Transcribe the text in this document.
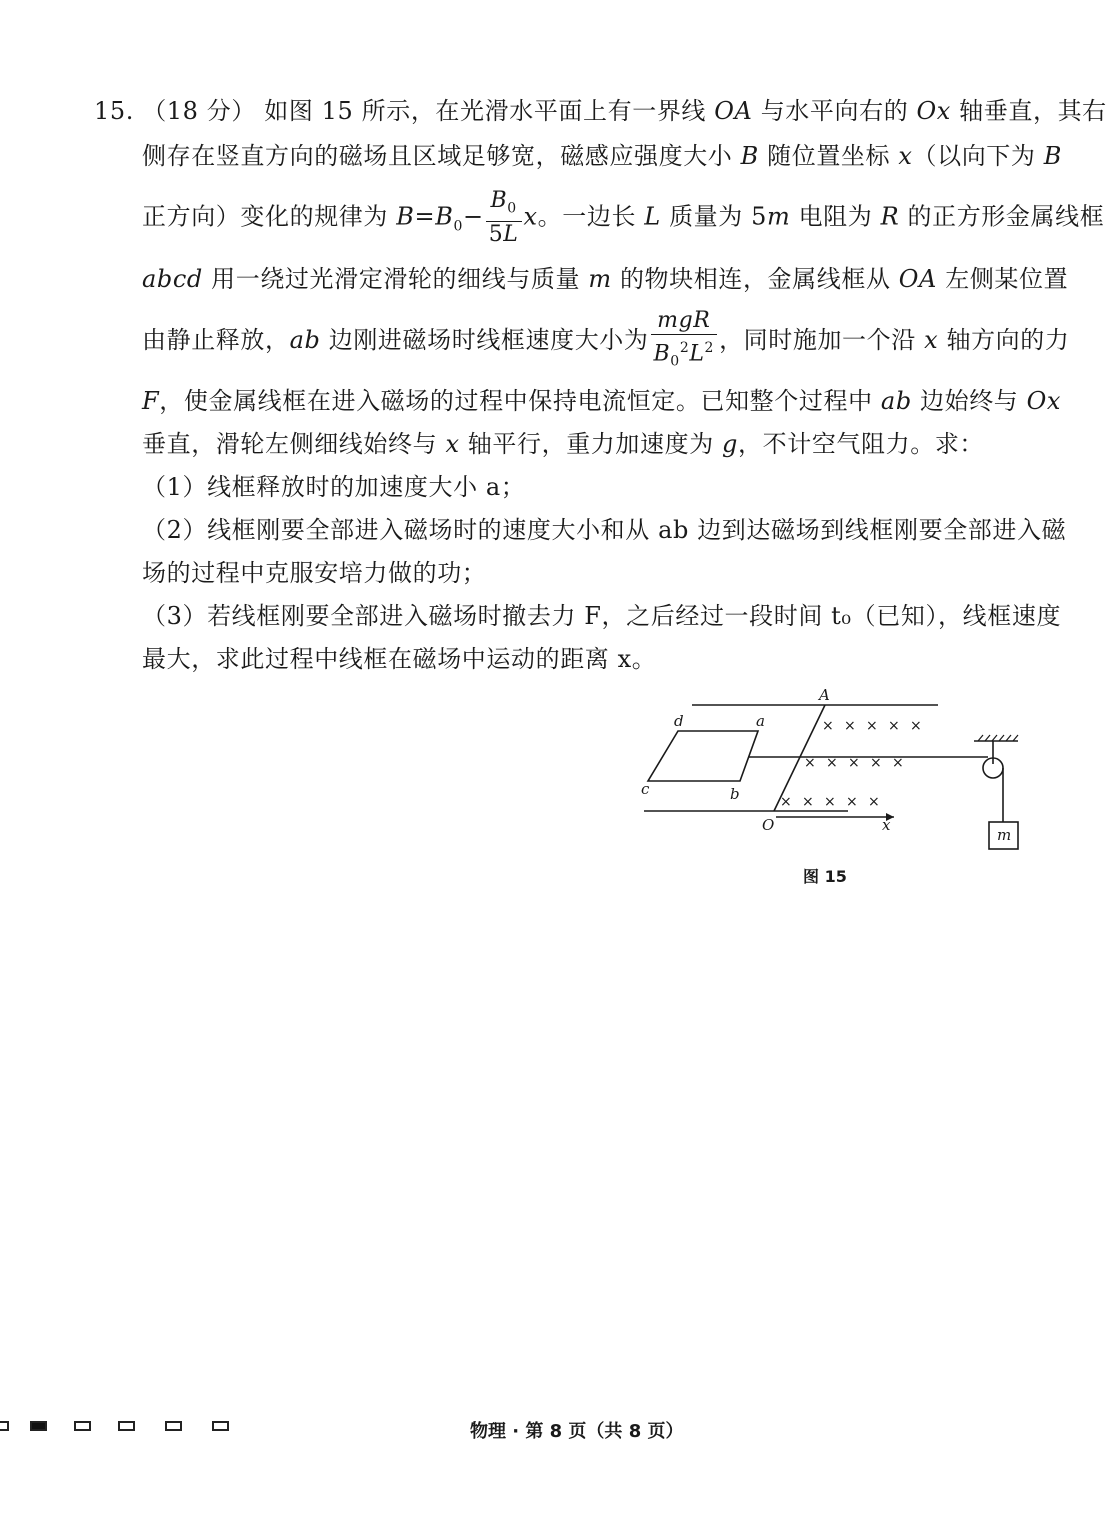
15. （18 分） 如图 15 所示，在光滑水平面上有一界线 OA 与水平向右的 Ox 轴垂直，其右
侧存在竖直方向的磁场且区域足够宽，磁感应强度大小 B 随位置坐标 x（以向下为 B
正方向）变化的规律为 $B=B_0- \frac{B_0}{5L}$ x。一边长 L 质量为 5m 电阻为 R 的正方形金属线框
abcd 用一绕过光滑定滑轮的细线与质量 m 的物块相连，金属线框从 OA 左侧某位置
由静止释放，ab 边刚进磁场时线框速度大小为 $\frac{\text{mgR}}{B_0^2L^2}$ ，同时施加一个沿 x 轴方向的力
F，使金属线框在进入磁场的过程中保持电流恒定。已知整个过程中 ab 边始终与 Ox
垂直，滑轮左侧细线始终与 x 轴平行，重力加速度为 g，不计空气阻力。求：
（1）线框释放时的加速度大小 a；
（2）线框刚要全部进入磁场时的速度大小和从 ab 边到达磁场到线框刚要全部进入磁
场的过程中克服安培力做的功；
（3）若线框刚要全部进入磁场时撤去力 F，之后经过一段时间 t₀（已知），线框速度
最大，求此过程中线框在磁场中运动的距离 x。
× × × × ×
× × × × ×
× × × × ×
A
d	a
c	b
O	x
m
图 15
物理 · 第 8 页（共 8 页）
